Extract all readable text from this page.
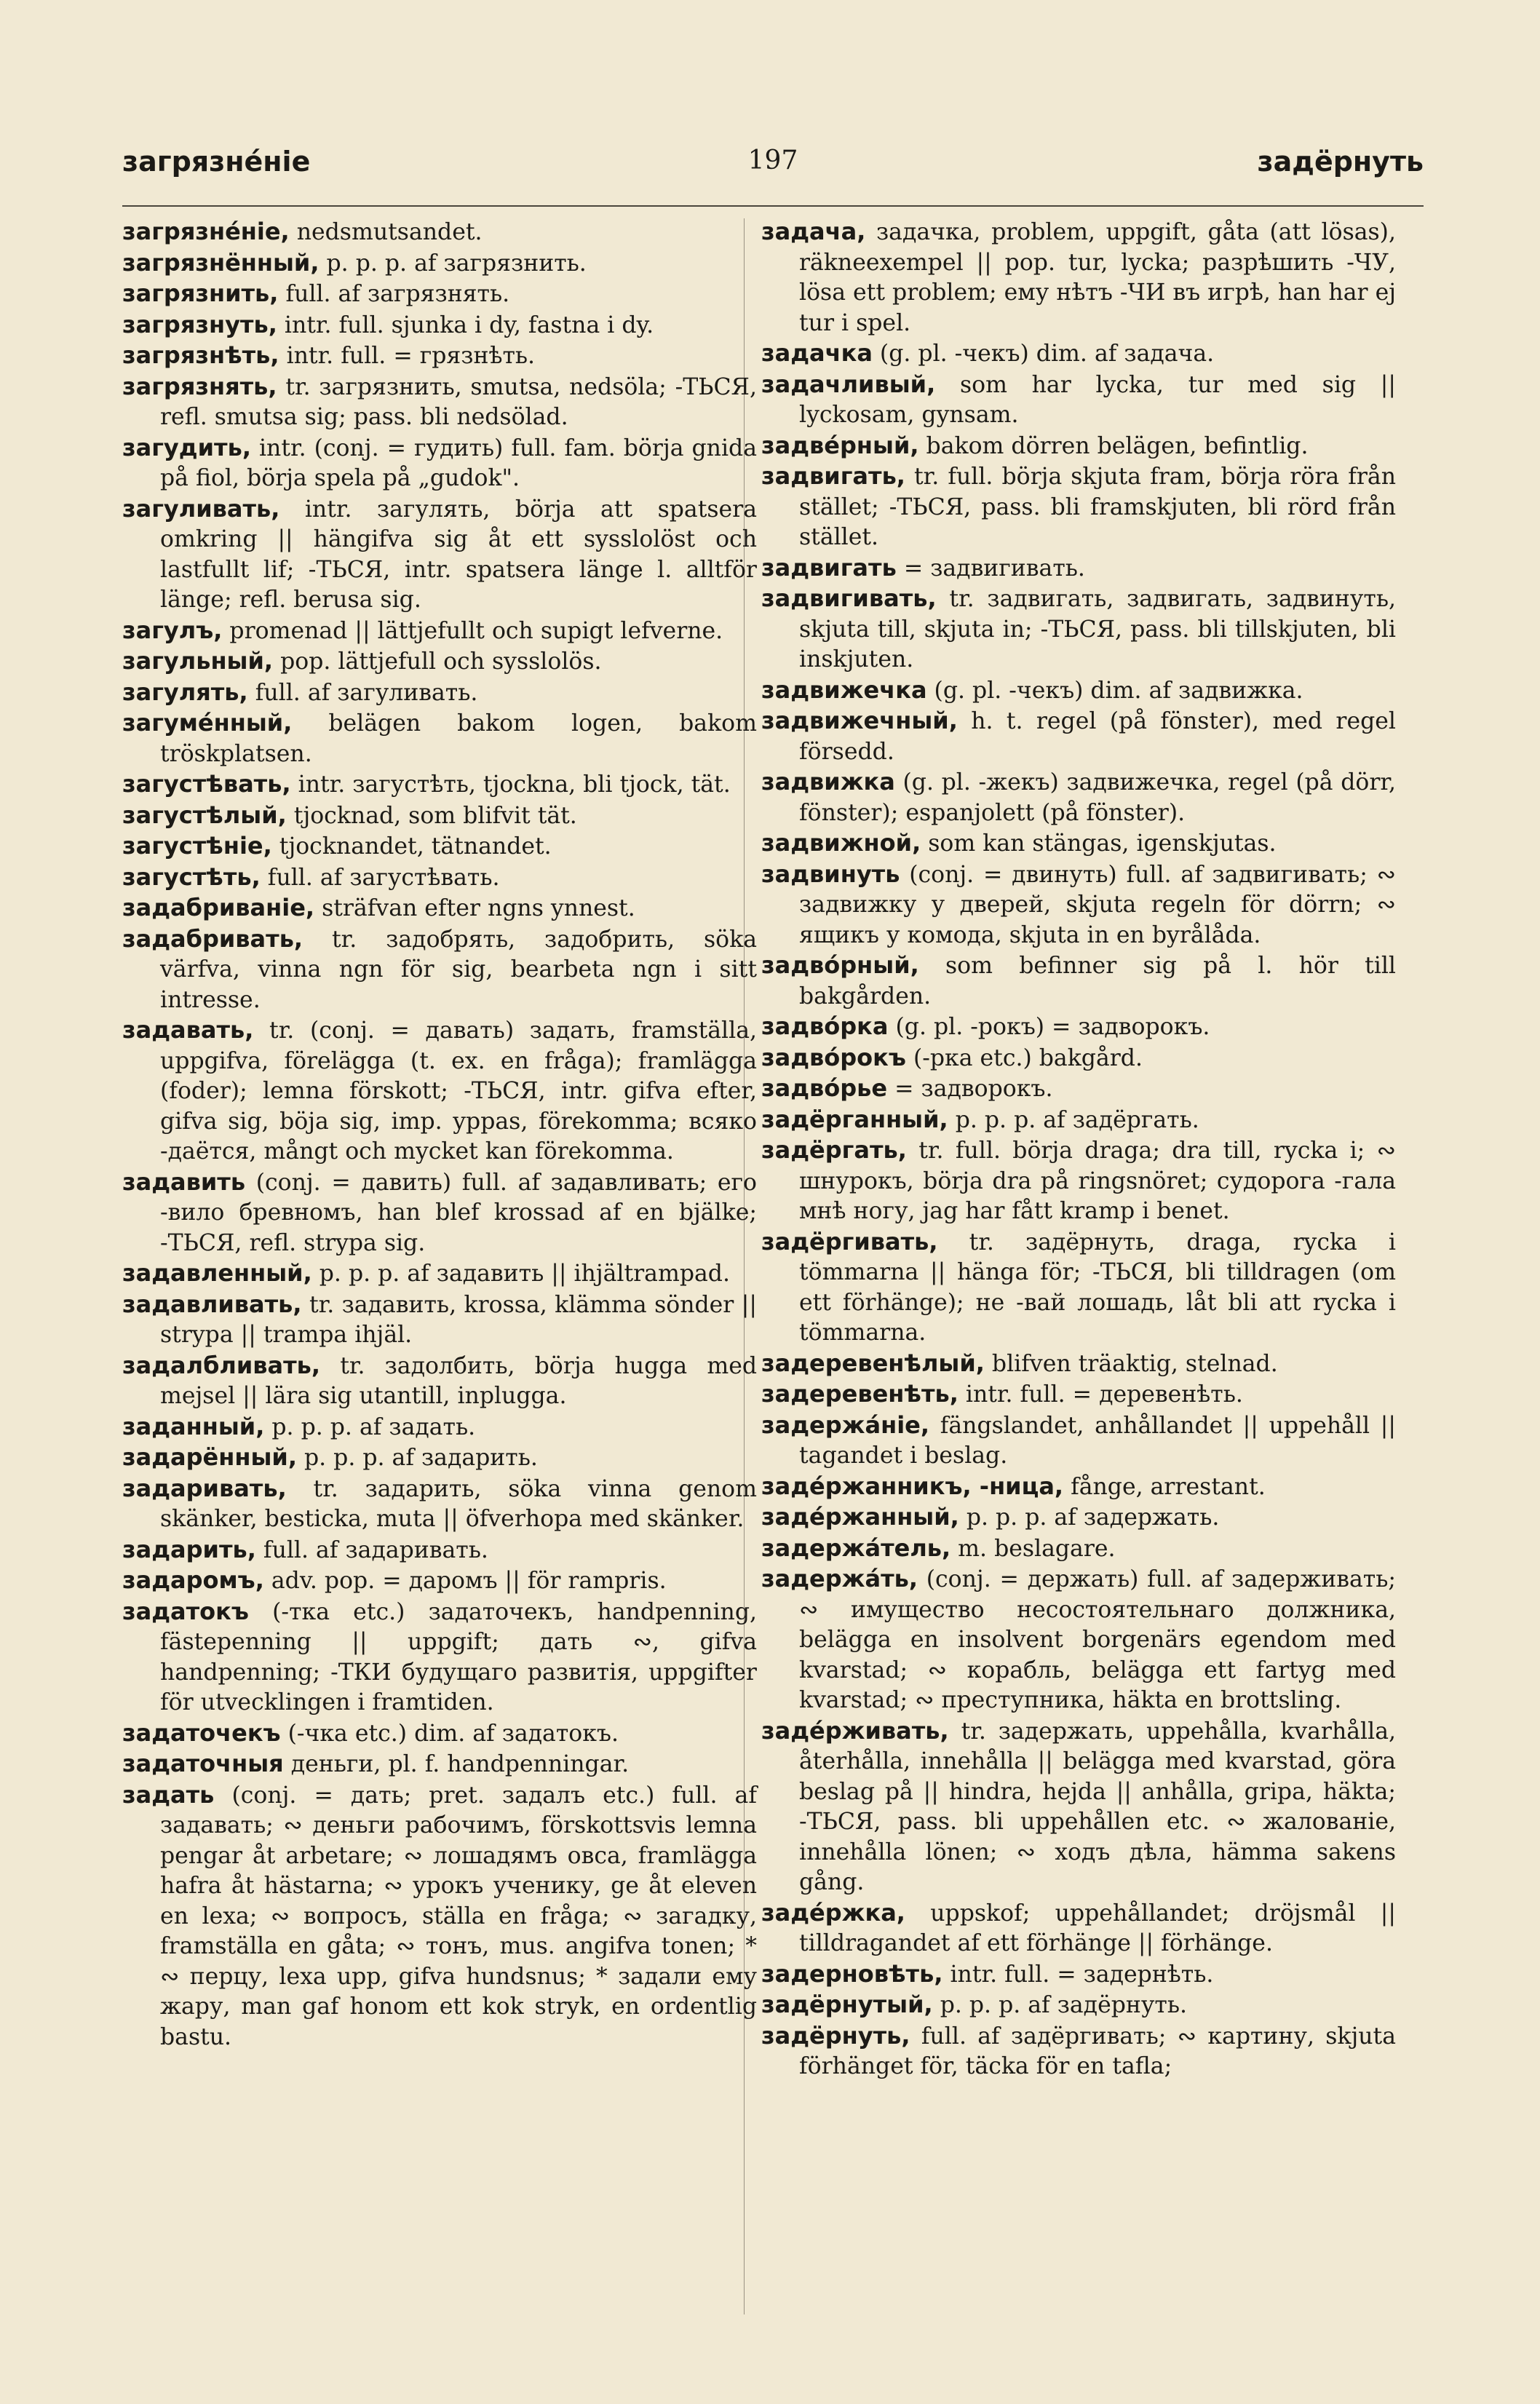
загрязнéніе	197	задёрнуть

загрязнéніе, nedsmutsandet.

загрязнённый, p. p. p. af загрязнить.

загрязнить, full. af загрязнять.

загрязнуть, intr. full. sjunka i dy, fastna i dy.

загрязнѣть, intr. full. = грязнѣть.

загрязнять, tr. загрязнить, smutsa, nedsöla; -ТЬСЯ, refl. smutsa sig; pass. bli nedsölad.

загудить, intr. (conj. = гудить) full. fam. börja gnida på fiol, börja spela på „gudok".

загуливать, intr. загулять, börja att spatsera omkring || hängifva sig åt ett sysslolöst och lastfullt lif; -ТЬСЯ, intr. spatsera länge l. alltför länge; refl. berusa sig.

загулъ, promenad || lättjefullt och supigt lefverne.

загульный, pop. lättjefull och sysslolös.

загулять, full. af загуливать.

загумéнный, belägen bakom logen, bakom tröskplatsen.

загустѣвать, intr. загустѣть, tjockna, bli tjock, tät.

загустѣлый, tjocknad, som blifvit tät.

загустѣніе, tjocknandet, tätnandet.

загустѣть, full. af загустѣвать.

задабриваніе, sträfvan efter ngns ynnest.

задабривать, tr. задобрять, задобрить, söka värfva, vinna ngn för sig, bearbeta ngn i sitt intresse.

задавать, tr. (conj. = давать) задать, framställa, uppgifva, förelägga (t. ex. en fråga); framlägga (foder); lemna förskott; -ТЬСЯ, intr. gifva efter, gifva sig, böja sig, imp. yppas, förekomma; всяко -даётся, mångt och mycket kan förekomma.

задавить (conj. = давить) full. af задавливать; его -вило бревномъ, han blef krossad af en bjälke; -ТЬСЯ, refl. strypa sig.

задавленный, p. p. p. af задавить || ihjältrampad.

задавливать, tr. задавить, krossa, klämma sönder || strypa || trampa ihjäl.

задалбливать, tr. задолбить, börja hugga med mejsel || lära sig utantill, inplugga.

заданный, p. p. p. af задать.

задарённый, p. p. p. af задарить.

задаривать, tr. задарить, söka vinna genom skänker, besticka, muta || öfverhopa med skänker.

задарить, full. af задаривать.

задаромъ, adv. pop. = даромъ || för rampris.

задатокъ (-тка etc.) задаточекъ, handpenning, fästepenning || uppgift; дать ∾, gifva handpenning; -ТКИ будущаго развитія, uppgifter för utvecklingen i framtiden.

задаточекъ (-чка etc.) dim. af задатокъ.

задаточныя деньги, pl. f. handpenningar.

задать (conj. = дать; pret. задалъ etc.) full. af задавать; ∾ деньги рабочимъ, förskottsvis lemna pengar åt arbetare; ∾ лошадямъ овса, framlägga hafra åt hästarna; ∾ урокъ ученику, ge åt eleven en lexa; ∾ вопросъ, ställa en fråga; ∾ загадку, framställa en gåta; ∾ тонъ, mus. angifva tonen; * ∾ перцу, lexa upp, gifva hundsnus; * задали ему жару, man gaf honom ett kok stryk, en ordentlig bastu.

задача, задачка, problem, uppgift, gåta (att lösas), räkneexempel || pop. tur, lycka; разрѣшить -ЧУ, lösa ett problem; ему нѣтъ -ЧИ въ игрѣ, han har ej tur i spel.

задачка (g. pl. -чекъ) dim. af задача.

задачливый, som har lycka, tur med sig || lyckosam, gynsam.

задвéрный, bakom dörren belägen, befintlig.

задвигать, tr. full. börja skjuta fram, börja röra från stället; -ТЬСЯ, pass. bli framskjuten, bli rörd från stället.

задвигать = задвигивать.

задвигивать, tr. задвигать, задвигать, задвинуть, skjuta till, skjuta in; -ТЬСЯ, pass. bli tillskjuten, bli inskjuten.

задвижечка (g. pl. -чекъ) dim. af задвижка.

задвижечный, h. t. regel (på fönster), med regel försedd.

задвижка (g. pl. -жекъ) задвижечка, regel (på dörr, fönster); espanjolett (på fönster).

задвижной, som kan stängas, igenskjutas.

задвинуть (conj. = двинуть) full. af задвигивать; ∾ задвижку у дверей, skjuta regeln för dörrn; ∾ ящикъ у комода, skjuta in en byrålåda.

задвóрный, som befinner sig på l. hör till bakgården.

задвóрка (g. pl. -рокъ) = задворокъ.

задвóрокъ (-рка etc.) bakgård.

задвóрье = задворокъ.

задёрганный, p. p. p. af задёргать.

задёргать, tr. full. börja draga; dra till, rycka i; ∾ шнурокъ, börja dra på ringsnöret; судорога -гала мнѣ ногу, jag har fått kramp i benet.

задёргивать, tr. задёрнуть, draga, rycka i tömmarna || hänga för; -ТЬСЯ, bli tilldragen (om ett förhänge); не -вай лошадь, låt bli att rycka i tömmarna.

задеревенѣлый, blifven träaktig, stelnad.

задеревенѣть, intr. full. = деревенѣть.

задержáніе, fängslandet, anhållandet || uppehåll || tagandet i beslag.

задéржанникъ, -ница, fånge, arrestant.

задéржанный, p. p. p. af задержать.

задержáтель, m. beslagare.

задержáть, (conj. = держать) full. af задерживать; ∾ имущество несостоятельнаго должника, belägga en insolvent borgenärs egendom med kvarstad; ∾ корабль, belägga ett fartyg med kvarstad; ∾ преступника, häkta en brottsling.

задéрживать, tr. задержать, uppehålla, kvarhålla, återhålla, innehålla || belägga med kvarstad, göra beslag på || hindra, hejda || anhålla, gripa, häkta; -ТЬСЯ, pass. bli uppehållen etc. ∾ жалованіе, innehålla lönen; ∾ ходъ дѣла, hämma sakens gång.

задéржка, uppskof; uppehållandet; dröjsmål || tilldragandet af ett förhänge || förhänge.

задерновѣть, intr. full. = задернѣть.

задёрнутый, p. p. p. af задёрнуть.

задёрнуть, full. af задёргивать; ∾ картину, skjuta förhänget för, täcka för en tafla;
